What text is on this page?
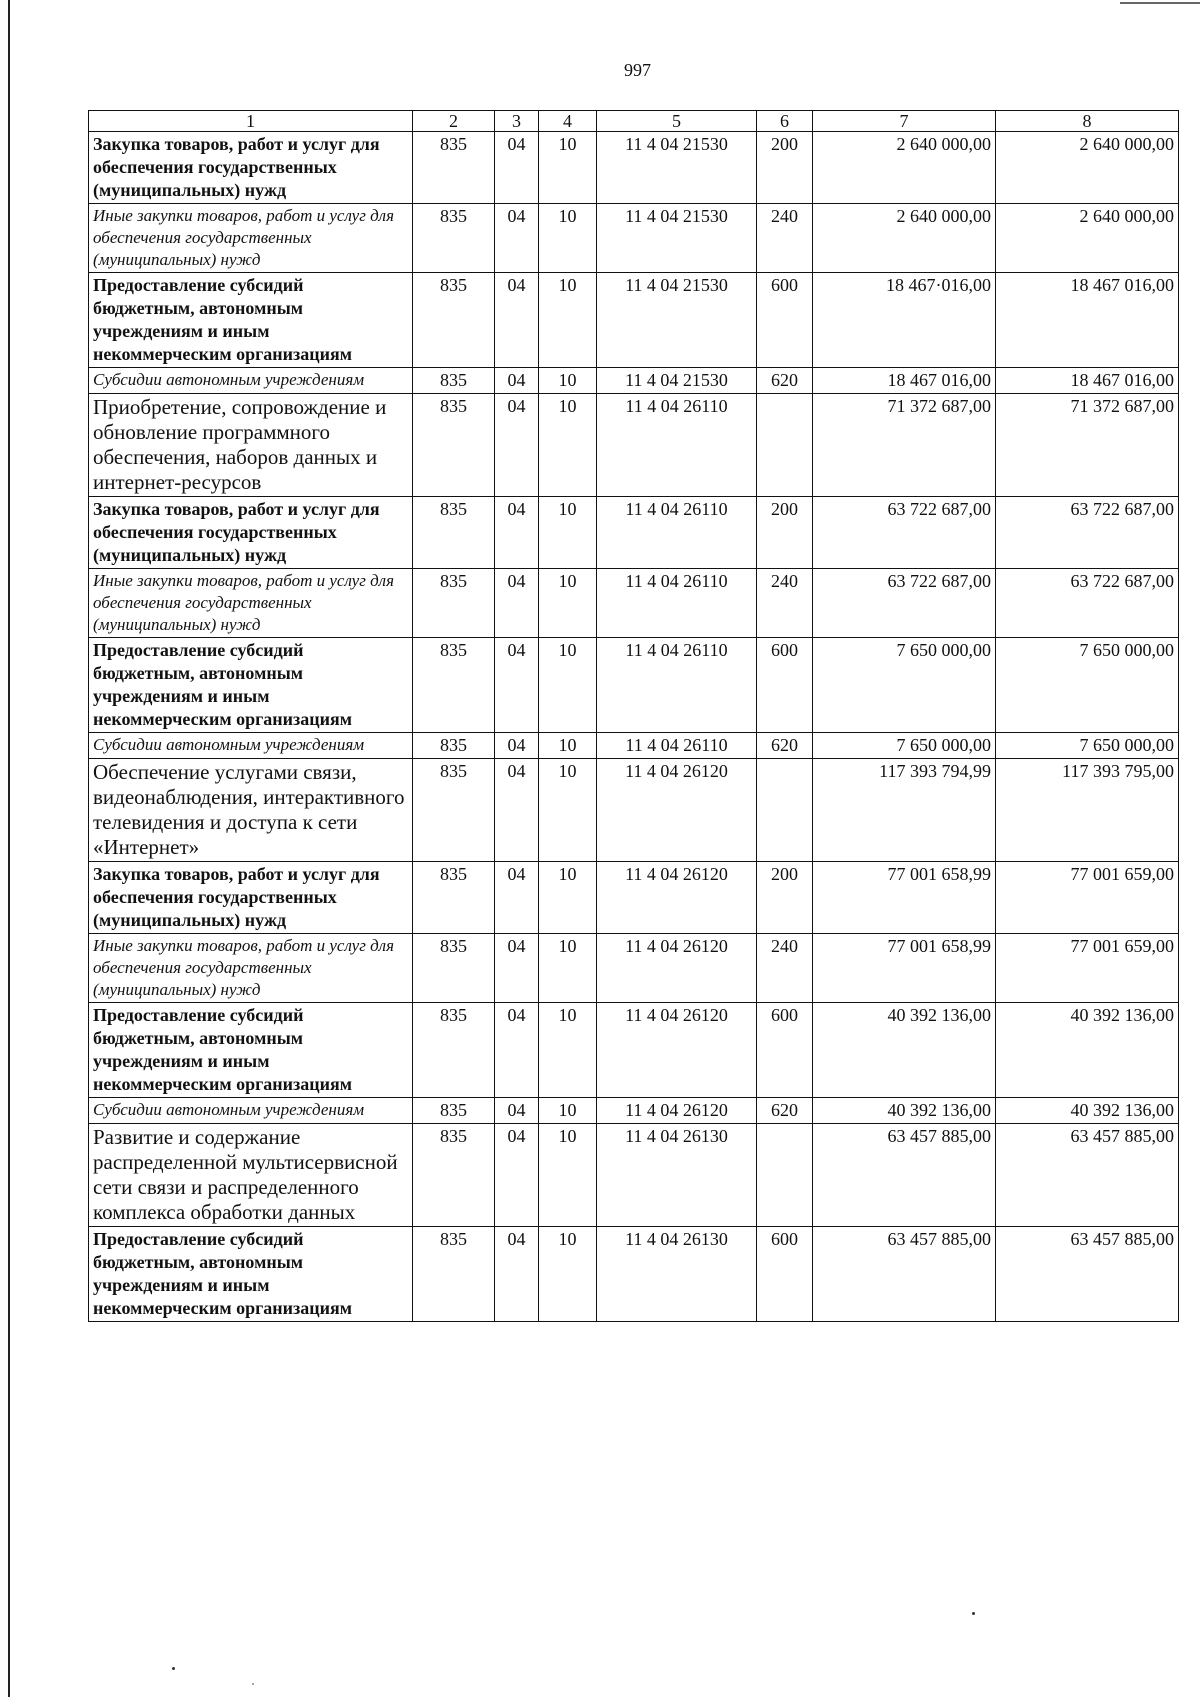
997
1	2	3	4	5	6	7	8
Закупка товаров, работ и услуг для обеспечения государственных (муниципальных) нужд	835	04	10	11 4 04 21530	200	2 640 000,00	2 640 000,00
Иные закупки товаров, работ и услуг для обеспечения государственных (муниципальных) нужд	835	04	10	11 4 04 21530	240	2 640 000,00	2 640 000,00
Предоставление субсидий бюджетным, автономным учреждениям и иным некоммерческим организациям	835	04	10	11 4 04 21530	600	18 467·016,00	18 467 016,00
Субсидии автономным учреждениям	835	04	10	11 4 04 21530	620	18 467 016,00	18 467 016,00
Приобретение, сопровождение и обновление программного обеспечения, наборов данных и интернет-ресурсов	835	04	10	11 4 04 26110		71 372 687,00	71 372 687,00
Закупка товаров, работ и услуг для обеспечения государственных (муниципальных) нужд	835	04	10	11 4 04 26110	200	63 722 687,00	63 722 687,00
Иные закупки товаров, работ и услуг для обеспечения государственных (муниципальных) нужд	835	04	10	11 4 04 26110	240	63 722 687,00	63 722 687,00
Предоставление субсидий бюджетным, автономным учреждениям и иным некоммерческим организациям	835	04	10	11 4 04 26110	600	7 650 000,00	7 650 000,00
Субсидии автономным учреждениям	835	04	10	11 4 04 26110	620	7 650 000,00	7 650 000,00
Обеспечение услугами связи, видеонаблюдения, интерактивного телевидения и доступа к сети «Интернет»	835	04	10	11 4 04 26120		117 393 794,99	117 393 795,00
Закупка товаров, работ и услуг для обеспечения государственных (муниципальных) нужд	835	04	10	11 4 04 26120	200	77 001 658,99	77 001 659,00
Иные закупки товаров, работ и услуг для обеспечения государственных (муниципальных) нужд	835	04	10	11 4 04 26120	240	77 001 658,99	77 001 659,00
Предоставление субсидий бюджетным, автономным учреждениям и иным некоммерческим организациям	835	04	10	11 4 04 26120	600	40 392 136,00	40 392 136,00
Субсидии автономным учреждениям	835	04	10	11 4 04 26120	620	40 392 136,00	40 392 136,00
Развитие и содержание распределенной мультисервисной сети связи и распределенного комплекса обработки данных	835	04	10	11 4 04 26130		63 457 885,00	63 457 885,00
Предоставление субсидий бюджетным, автономным учреждениям и иным некоммерческим организациям	835	04	10	11 4 04 26130	600	63 457 885,00	63 457 885,00
